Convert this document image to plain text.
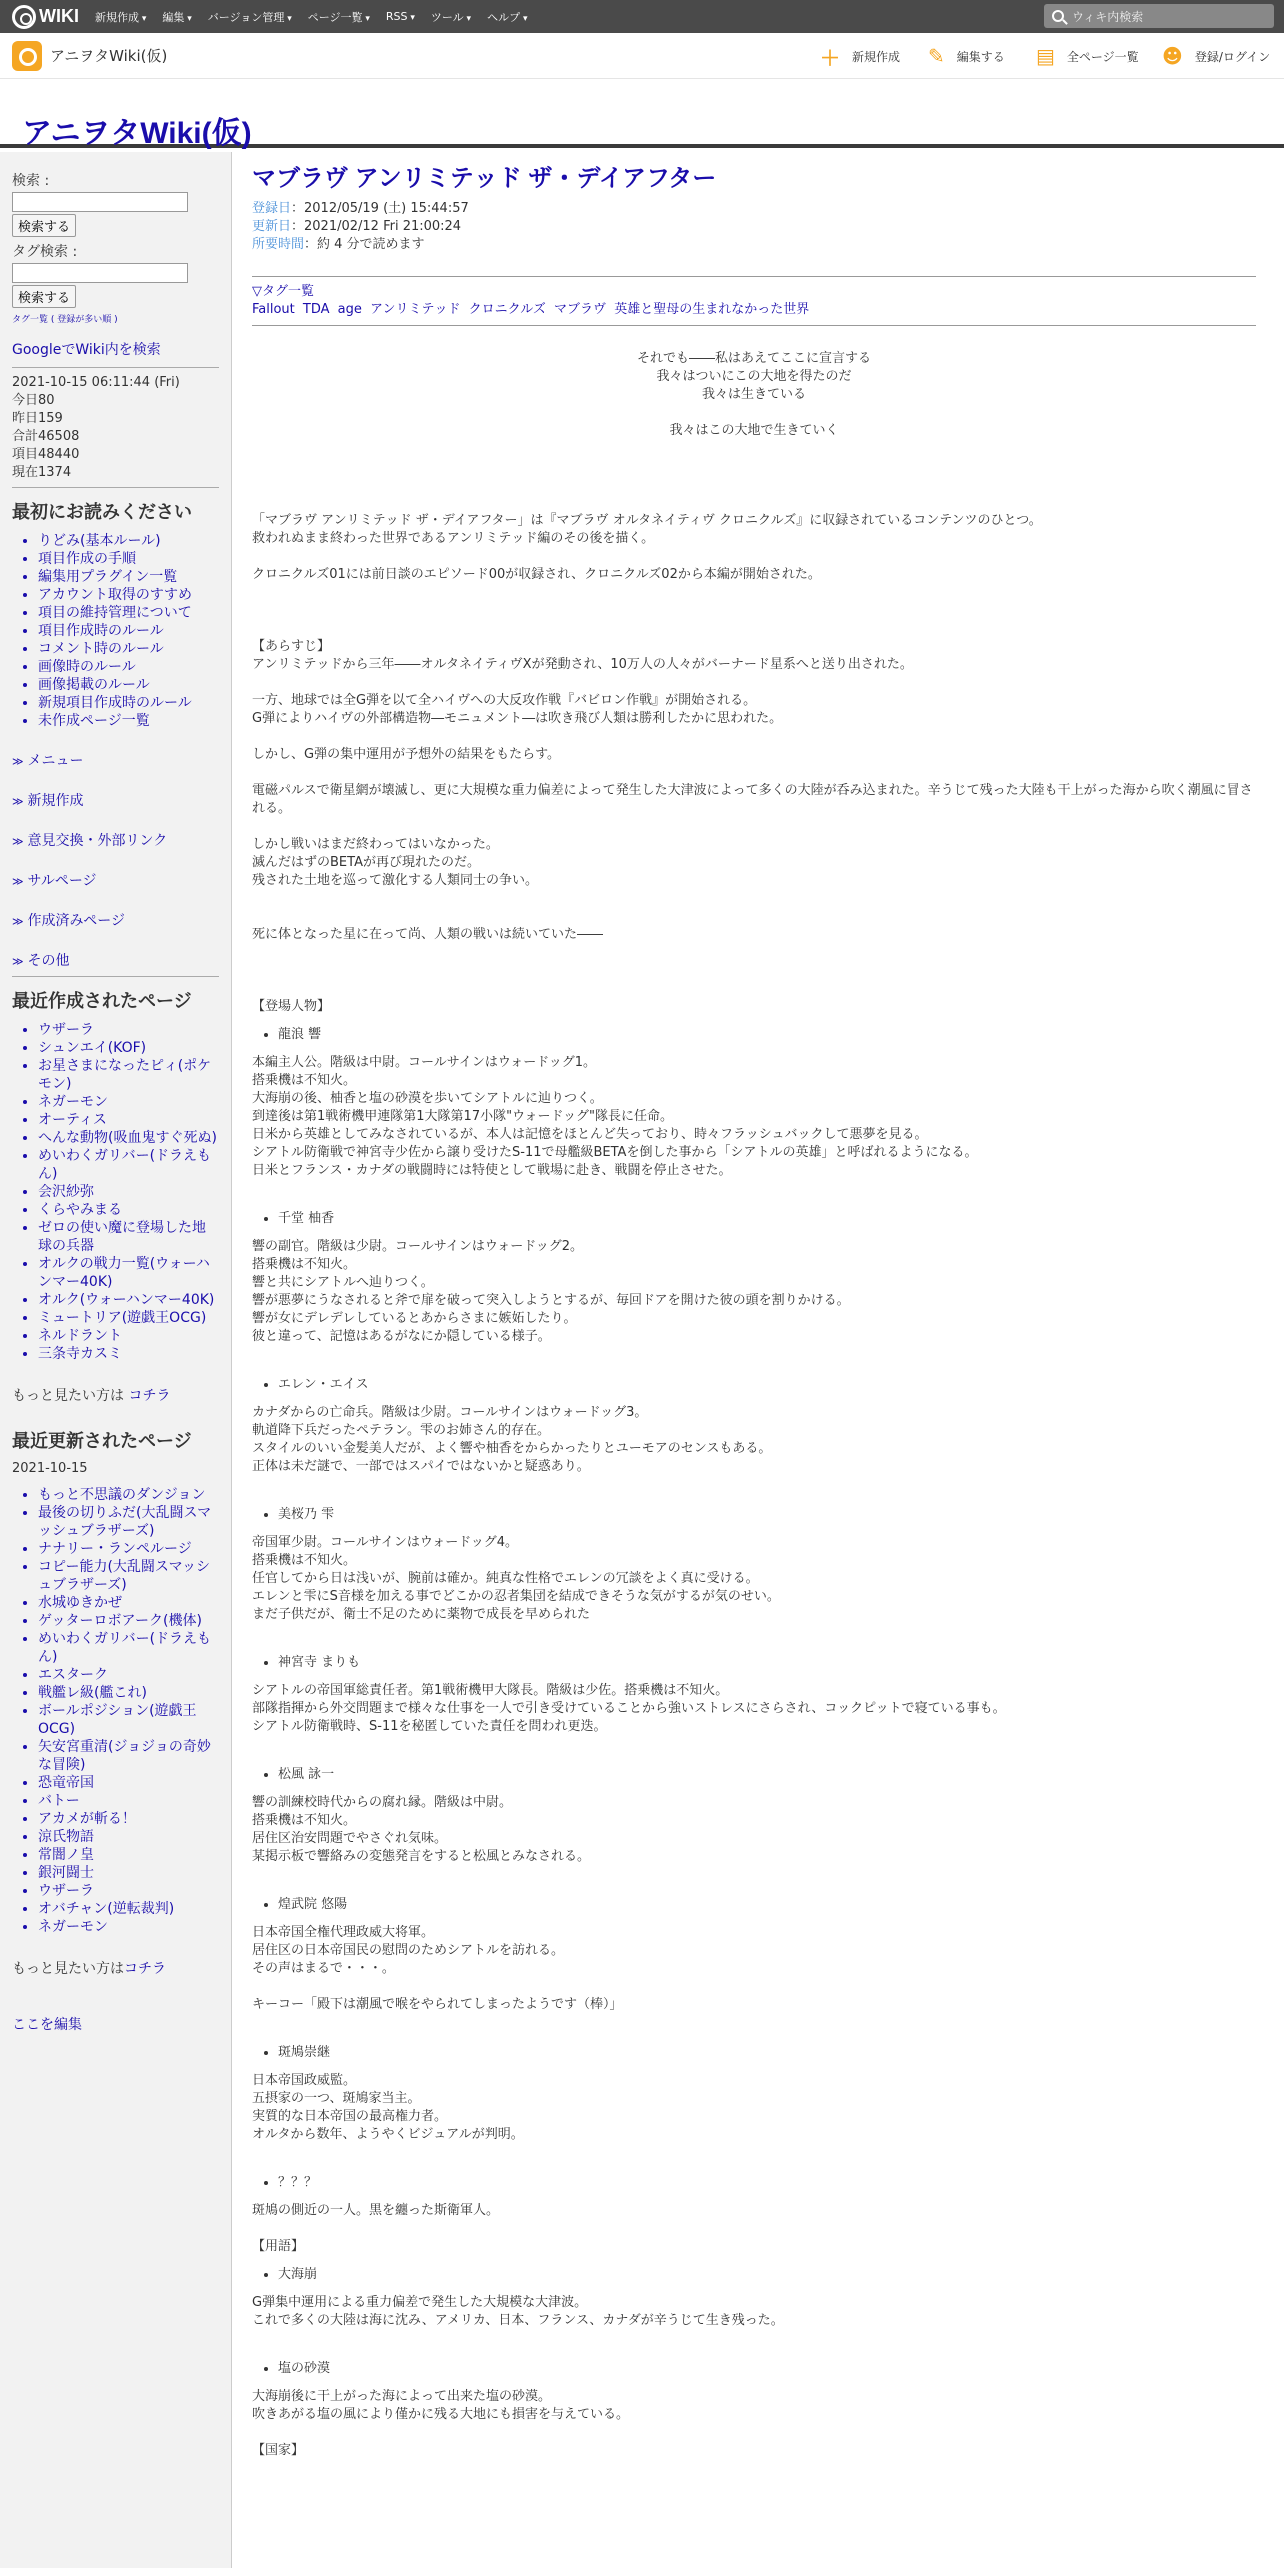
WIKI 新規作成 ▾	編集 ▾	バージョン管理 ▾	ページ一覧 ▾	RSS ▾	ツール ▾	ヘルプ ▾	ウィキ内検索
アニヲタWiki(仮)	＋ 新規作成 ✎ 編集する ▤ 全ページ一覧 ☻ 登録/ログイン
アニヲタWiki(仮)
検索 :
検索する
タグ検索 :
検索する
タグ一覧 ( 登録が多い順 )
GoogleでWiki内を検索
2021-10-15 06:11:44 (Fri)
今日80
昨日159
合計46508
項目48440
現在1374
最初にお読みください
• りどみ(基本ルール)
• 項目作成の手順
• 編集用プラグイン一覧
• アカウント取得のすすめ
• 項目の維持管理について
• 項目作成時のルール
• コメント時のルール
• 画像時のルール
• 画像掲載のルール
• 新規項目作成時のルール
• 未作成ページ一覧
≫ メニュー
≫ 新規作成
≫ 意見交換・外部リンク
≫ サルページ
≫ 作成済みページ
≫ その他
最近作成されたページ
• ウザーラ
• シュンエイ(KOF)
• お星さまになったピィ(ポケモン)
• ネガーモン
• オーティス
• へんな動物(吸血鬼すぐ死ぬ)
• めいわくガリバー(ドラえもん)
• 会沢紗弥
• くらやみまる
• ゼロの使い魔に登場した地球の兵器
• オルクの戦力一覧(ウォーハンマー40K)
• オルク(ウォーハンマー40K)
• ミュートリア(遊戯王OCG)
• ネルドラント
• 三条寺カスミ
もっと見たい方は コチラ
最近更新されたページ
2021-10-15
• もっと不思議のダンジョン
• 最後の切りふだ(大乱闘スマッシュブラザーズ)
• ナナリー・ランペルージ
• コピー能力(大乱闘スマッシュブラザーズ)
• 水城ゆきかぜ
• ゲッターロボアーク(機体)
• めいわくガリバー(ドラえもん)
• エスターク
• 戦艦レ級(艦これ)
• ボールポジション(遊戯王OCG)
• 矢安宮重清(ジョジョの奇妙な冒険)
• 恐竜帝国
• バトー
• アカメが斬る！
• 涼氏物語
• 常闇ノ皇
• 銀河闘士
• ウザーラ
• オバチャン(逆転裁判)
• ネガーモン
もっと見たい方はコチラ
ここを編集
マブラヴ アンリミテッド ザ・デイアフター
登録日：2012/05/19 (土) 15:44:57
更新日：2021/02/12 Fri 21:00:24
所要時間：約 4 分で読めます
▽タグ一覧
Fallout TDA age アンリミテッド クロニクルズ マブラヴ 英雄と聖母の生まれなかった世界
それでも――私はあえてここに宣言する
我々はついにこの大地を得たのだ
我々は生きている
我々はこの大地で生きていく
「マブラヴ アンリミテッド ザ・デイアフター」は『マブラヴ オルタネイティヴ クロニクルズ』に収録されているコンテンツのひとつ。
救われぬまま終わった世界であるアンリミテッド編のその後を描く。
クロニクルズ01には前日談のエピソード00が収録され、クロニクルズ02から本編が開始された。
【あらすじ】
アンリミテッドから三年――オルタネイティヴXが発動され、10万人の人々がバーナード星系へと送り出された。
一方、地球では全G弾を以て全ハイヴへの大反攻作戦『バビロン作戦』が開始される。
G弾によりハイヴの外部構造物―モニュメント―は吹き飛び人類は勝利したかに思われた。
しかし、G弾の集中運用が予想外の結果をもたらす。
電磁パルスで衛星網が壊滅し、更に大規模な重力偏差によって発生した大津波によって多くの大陸が呑み込まれた。辛うじて残った大陸も干上がった海から吹く潮風に冒される。
しかし戦いはまだ終わってはいなかった。
滅んだはずのBETAが再び現れたのだ。
残された土地を巡って激化する人類同士の争い。
死に体となった星に在って尚、人類の戦いは続いていた――
【登場人物】
• 龍浪 響
本編主人公。階級は中尉。コールサインはウォードッグ1。
搭乗機は不知火。
大海崩の後、柚香と塩の砂漠を歩いてシアトルに辿りつく。
到達後は第1戦術機甲連隊第1大隊第17小隊"ウォードッグ"隊長に任命。
日米から英雄としてみなされているが、本人は記憶をほとんど失っており、時々フラッシュバックして悪夢を見る。
シアトル防衛戦で神宮寺少佐から譲り受けたS-11で母艦級BETAを倒した事から「シアトルの英雄」と呼ばれるようになる。
日米とフランス・カナダの戦闘時には特使として戦場に赴き、戦闘を停止させた。
• 千堂 柚香
響の副官。階級は少尉。コールサインはウォードッグ2。
搭乗機は不知火。
響と共にシアトルへ辿りつく。
響が悪夢にうなされると斧で扉を破って突入しようとするが、毎回ドアを開けた彼の頭を割りかける。
響が女にデレデレしているとあからさまに嫉妬したり。
彼と違って、記憶はあるがなにか隠している様子。
• エレン・エイス
カナダからの亡命兵。階級は少尉。コールサインはウォードッグ3。
軌道降下兵だったペテラン。雫のお姉さん的存在。
スタイルのいい金髪美人だが、よく響や柚香をからかったりとユーモアのセンスもある。
正体は未だ謎で、一部ではスパイではないかと疑惑あり。
• 美桜乃 雫
帝国軍少尉。コールサインはウォードッグ4。
搭乗機は不知火。
任官してから日は浅いが、腕前は確か。純真な性格でエレンの冗談をよく真に受ける。
エレンと雫にS音様を加える事でどこかの忍者集団を結成できそうな気がするが気のせい。
まだ子供だが、衛士不足のために薬物で成長を早められた
• 神宮寺 まりも
シアトルの帝国軍総責任者。第1戦術機甲大隊長。階級は少佐。搭乗機は不知火。
部隊指揮から外交問題まで様々な仕事を一人で引き受けていることから強いストレスにさらされ、コックピットで寝ている事も。
シアトル防衛戦時、S-11を秘匿していた責任を問われ更迭。
• 松風 詠一
響の訓練校時代からの腐れ縁。階級は中尉。
搭乗機は不知火。
居住区治安問題でやさぐれ気味。
某掲示板で響絡みの変態発言をすると松風とみなされる。
• 煌武院 悠陽
日本帝国全権代理政威大将軍。
居住区の日本帝国民の慰問のためシアトルを訪れる。
その声はまるで・・・。
キーコー「殿下は潮風で喉をやられてしまったようです（棒）」
• 斑鳩崇継
日本帝国政威監。
五摂家の一つ、斑鳩家当主。
実質的な日本帝国の最高権力者。
オルタから数年、ようやくビジュアルが判明。
• ？？？
斑鳩の側近の一人。黒を纏った斯衛軍人。
【用語】
• 大海崩
G弾集中運用による重力偏差で発生した大規模な大津波。
これで多くの大陸は海に沈み、アメリカ、日本、フランス、カナダが辛うじて生き残った。
• 塩の砂漠
大海崩後に干上がった海によって出来た塩の砂漠。
吹きあがる塩の風により僅かに残る大地にも損害を与えている。
【国家】
